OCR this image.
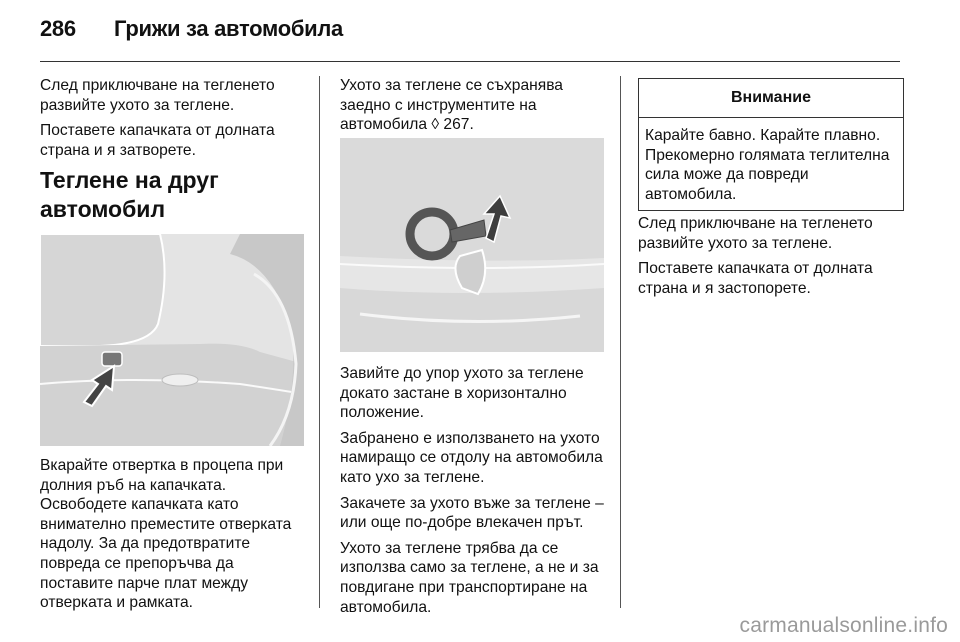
286 Грижи за автомобила

След приключване на тегленето развийте ухото за теглене.

Поставете капачката от долната страна и я затворете.

Теглене на друг автомобил

Вкарайте отвертка в процепа при долния ръб на капачката. Освободете капачката като внимателно преместите отверката надолу. За да предотвратите повреда се препоръчва да поставите парче плат между отверката и рамката.

Ухото за теглене се съхранява заедно с инструментите на автомобила ◊ 267.

Завийте до упор ухото за теглене докато застане в хоризонтално положение.

Забранено е използването на ухото намиращо се отдолу на автомобила като ухо за теглене.

Закачете за ухото въже за теглене – или още по-добре влекачен прът.

Ухото за теглене трябва да се използва само за теглене, а не и за повдигане при транспортиране на автомобила.

Внимание

Карайте бавно. Карайте плавно. Прекомерно голямата теглителна сила може да повреди автомобила.

След приключване на тегленето развийте ухото за теглене.

Поставете капачката от долната страна и я застопорете.

carmanualsonline.info
